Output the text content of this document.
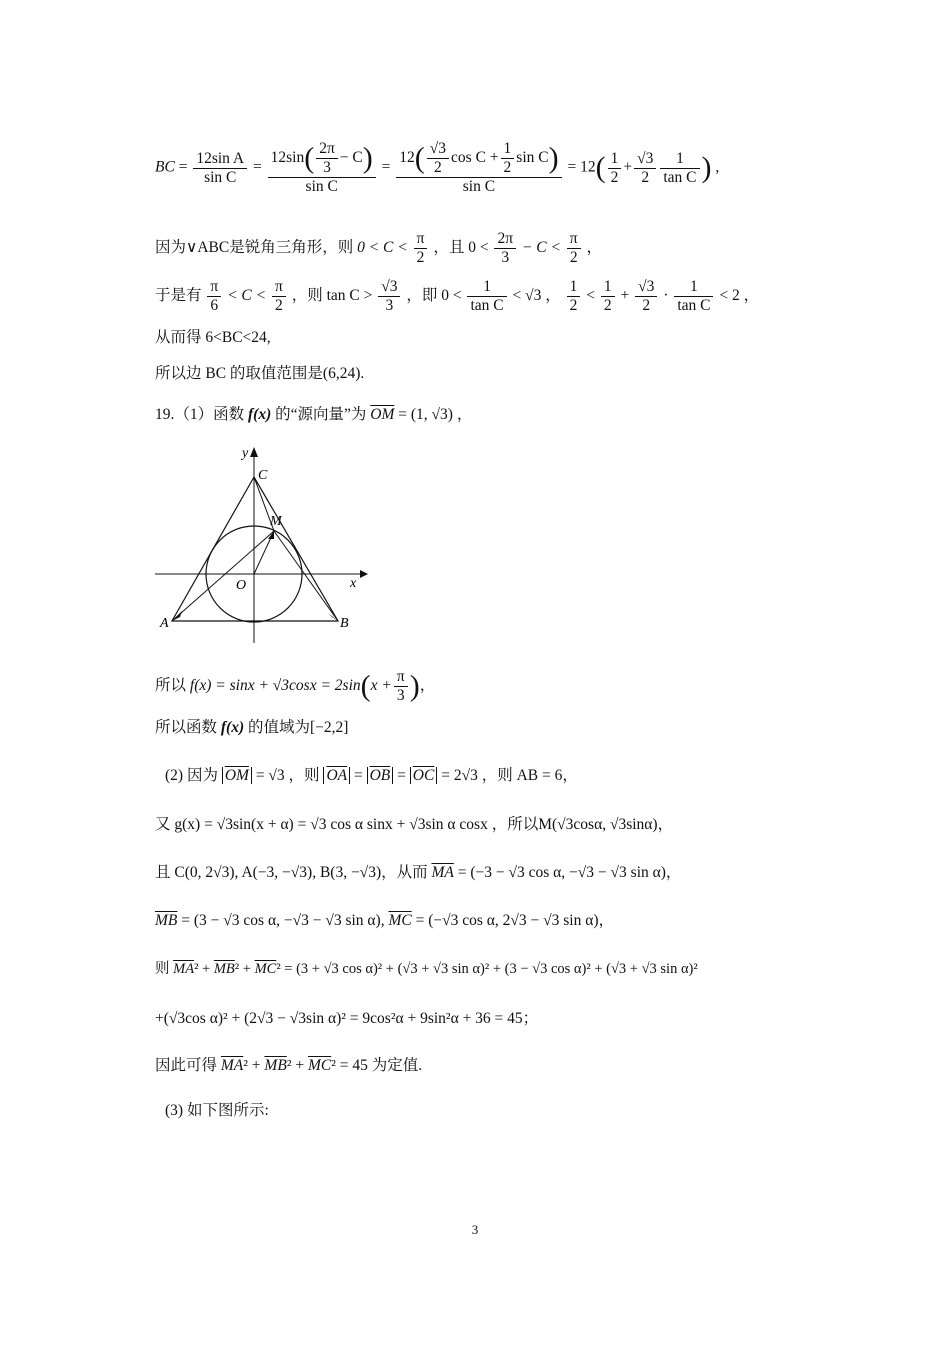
BC = $\frac{\text{12sin A}}{\text{sin C}} = \frac{12\sin( \frac{2\pi}{3} - C)}{\text{sin C}} = \frac{12( \frac{√3}{2} \cos C + \frac{1}{2} \sin C)}{\text{sin C}} = 12( \frac{1}{2} + \frac{√3}{2} \frac{1}{\text{tan C}}$ ) ,
因为∨ABC是锐角三角形，则 $0 < C < \frac{\pi}{2}$ ，且 $0 < \frac{2\pi}{3} - C < \frac{\pi}{2}$ ，
于是有 $\frac{\pi}{6} < C < \frac{\pi}{2}$ ，则 $\tan C > \frac{√3}{3}$ ，即 $0 < \frac{1}{\text{tan C}} < √3$ ， $\frac{1}{2} < \frac{1}{2} + \frac{√3}{2} \cdot \frac{1}{\text{tan C}} < 2$ ，
从而得 6<BC<24,
所以边 BC 的取值范围是(6,24).
19.（1）函数 f(x) 的“源向量”为 $\overline{OM} = (1$, √3) ，
y
C
M
O	x
A	B
所以 $f(x) = \sin x + √3\cos x = 2\sin(x + \frac{\pi}{3}$ )，
所以函数 f(x) 的值域为[−2,2]
(2) 因为 $\overline{OM} = √3$ ，则 $\overline{OA} = \overline{OB} = \overline{OC} = 2√3$ ，则 AB = 6，
又 g(x) = √3sin(x + α) = √3 cos α sinx + √3sin α cosx ，所以M(√3cosα, √3sinα)，
且 C(0, 2√3), A(−3, −√3), B(3, −√3)，从而 $\overline{MA} = (-3 - √3$ cos α, −√3 − √3 sin α)，
$\overline{MB} = (3 - √3$ cos α, −√3 − √3 sin α), $\overline{MC} = (-√3$ cos α, 2√3 − √3 sin α)，
则 $\overline{MA}^2 + \overline{MB}^2 + \overline{MC}^2 = (3 + √3$ cos α)² + (√3 + √3 sin α)² + (3 − √3 cos α)² + (√3 + √3 sin α)²
+(√3cos α)² + (2√3 − √3sin α)² = 9cos²α + 9sin²α + 36 = 45；
因此可得 $\overline{MA}^2 + \overline{MB}^2 + \overline{MC}^2 = 45$ 为定值.
(3) 如下图所示:
3
